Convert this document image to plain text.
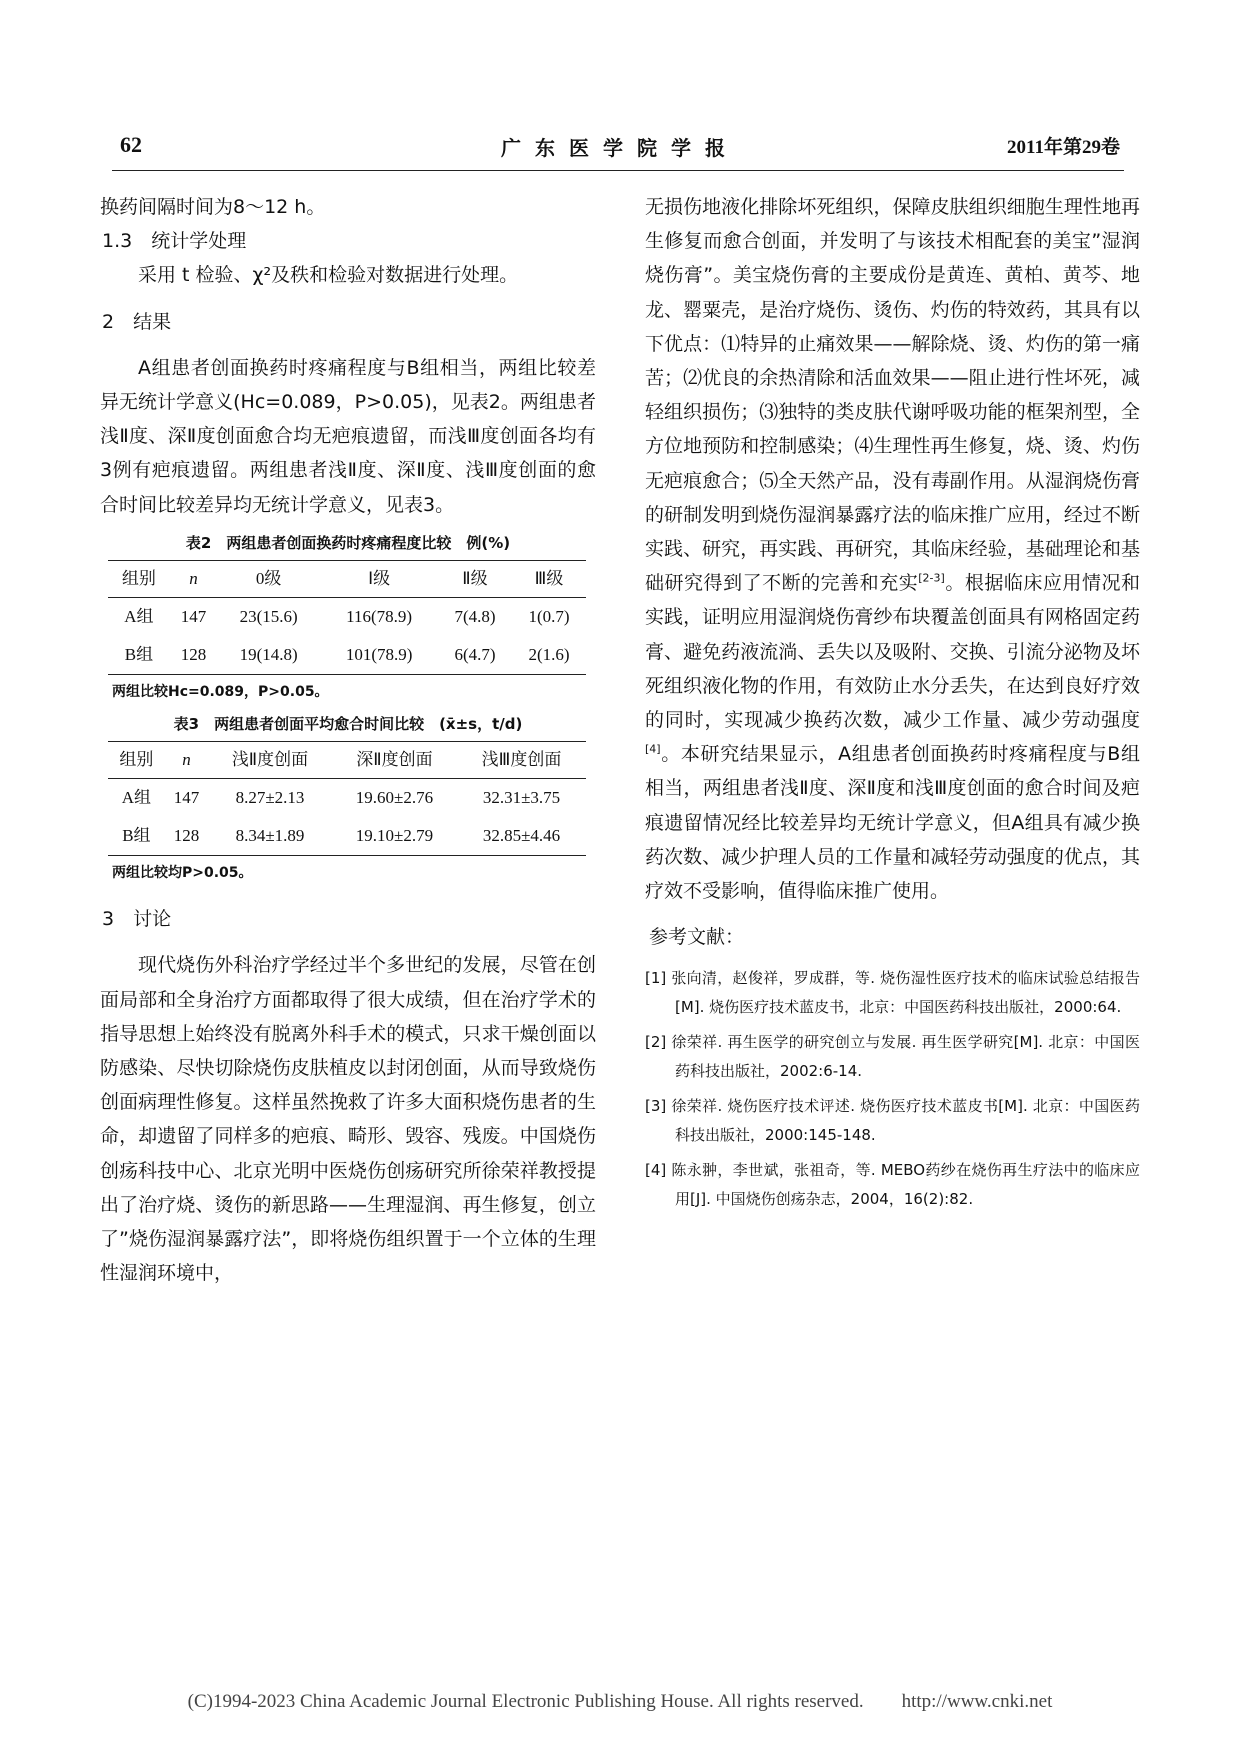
62	广东医学院学报	2011年第29卷

换药间隔时间为8～12 h。

1.3　统计学处理

采用 t 检验、χ²及秩和检验对数据进行处理。

2　结果

A组患者创面换药时疼痛程度与B组相当，两组比较差异无统计学意义(Hc=0.089，P>0.05)，见表2。两组患者浅Ⅱ度、深Ⅱ度创面愈合均无疤痕遗留，而浅Ⅲ度创面各均有3例有疤痕遗留。两组患者浅Ⅱ度、深Ⅱ度、浅Ⅲ度创面的愈合时间比较差异均无统计学意义，见表3。

表2　两组患者创面换药时疼痛程度比较　例(%)
组别	n	0级	Ⅰ级	Ⅱ级	Ⅲ级
A组	147	23(15.6)	116(78.9)	7(4.8)	1(0.7)
B组	128	19(14.8)	101(78.9)	6(4.7)	2(1.6)
两组比较Hc=0.089，P>0.05。
表3　两组患者创面平均愈合时间比较　(x̄±s，t/d)
组别	n	浅Ⅱ度创面	深Ⅱ度创面	浅Ⅲ度创面
A组	147	8.27±2.13	19.60±2.76	32.31±3.75
B组	128	8.34±1.89	19.10±2.79	32.85±4.46
两组比较均P>0.05。

3　讨论

现代烧伤外科治疗学经过半个多世纪的发展，尽管在创面局部和全身治疗方面都取得了很大成绩，但在治疗学术的指导思想上始终没有脱离外科手术的模式，只求干燥创面以防感染、尽快切除烧伤皮肤植皮以封闭创面，从而导致烧伤创面病理性修复。这样虽然挽救了许多大面积烧伤患者的生命，却遗留了同样多的疤痕、畸形、毁容、残废。中国烧伤创疡科技中心、北京光明中医烧伤创疡研究所徐荣祥教授提出了治疗烧、烫伤的新思路——生理湿润、再生修复，创立了”烧伤湿润暴露疗法”，即将烧伤组织置于一个立体的生理性湿润环境中，

无损伤地液化排除坏死组织，保障皮肤组织细胞生理性地再生修复而愈合创面，并发明了与该技术相配套的美宝”湿润烧伤膏”。美宝烧伤膏的主要成份是黄连、黄柏、黄芩、地龙、罂粟壳，是治疗烧伤、烫伤、灼伤的特效药，其具有以下优点：⑴特异的止痛效果——解除烧、烫、灼伤的第一痛苦；⑵优良的余热清除和活血效果——阻止进行性坏死，减轻组织损伤；⑶独特的类皮肤代谢呼吸功能的框架剂型，全方位地预防和控制感染；⑷生理性再生修复，烧、烫、灼伤无疤痕愈合；⑸全天然产品，没有毒副作用。从湿润烧伤膏的研制发明到烧伤湿润暴露疗法的临床推广应用，经过不断实践、研究，再实践、再研究，其临床经验，基础理论和基础研究得到了不断的完善和充实[2-3]。根据临床应用情况和实践，证明应用湿润烧伤膏纱布块覆盖创面具有网格固定药膏、避免药液流淌、丢失以及吸附、交换、引流分泌物及坏死组织液化物的作用，有效防止水分丢失，在达到良好疗效的同时，实现减少换药次数，减少工作量、减少劳动强度[4]。本研究结果显示，A组患者创面换药时疼痛程度与B组相当，两组患者浅Ⅱ度、深Ⅱ度和浅Ⅲ度创面的愈合时间及疤痕遗留情况经比较差异均无统计学意义，但A组具有减少换药次数、减少护理人员的工作量和减轻劳动强度的优点，其疗效不受影响，值得临床推广使用。

参考文献：

[1] 张向清，赵俊祥，罗成群，等. 烧伤湿性医疗技术的临床试验总结报告[M]. 烧伤医疗技术蓝皮书，北京：中国医药科技出版社，2000:64.

[2] 徐荣祥. 再生医学的研究创立与发展. 再生医学研究[M]. 北京：中国医药科技出版社，2002:6-14.

[3] 徐荣祥. 烧伤医疗技术评述. 烧伤医疗技术蓝皮书[M]. 北京：中国医药科技出版社，2000:145-148.

[4] 陈永翀，李世斌，张祖奇，等. MEBO药纱在烧伤再生疗法中的临床应用[J]. 中国烧伤创疡杂志，2004，16(2):82.

(C)1994-2023 China Academic Journal Electronic Publishing House. All rights reserved.　　http://www.cnki.net
